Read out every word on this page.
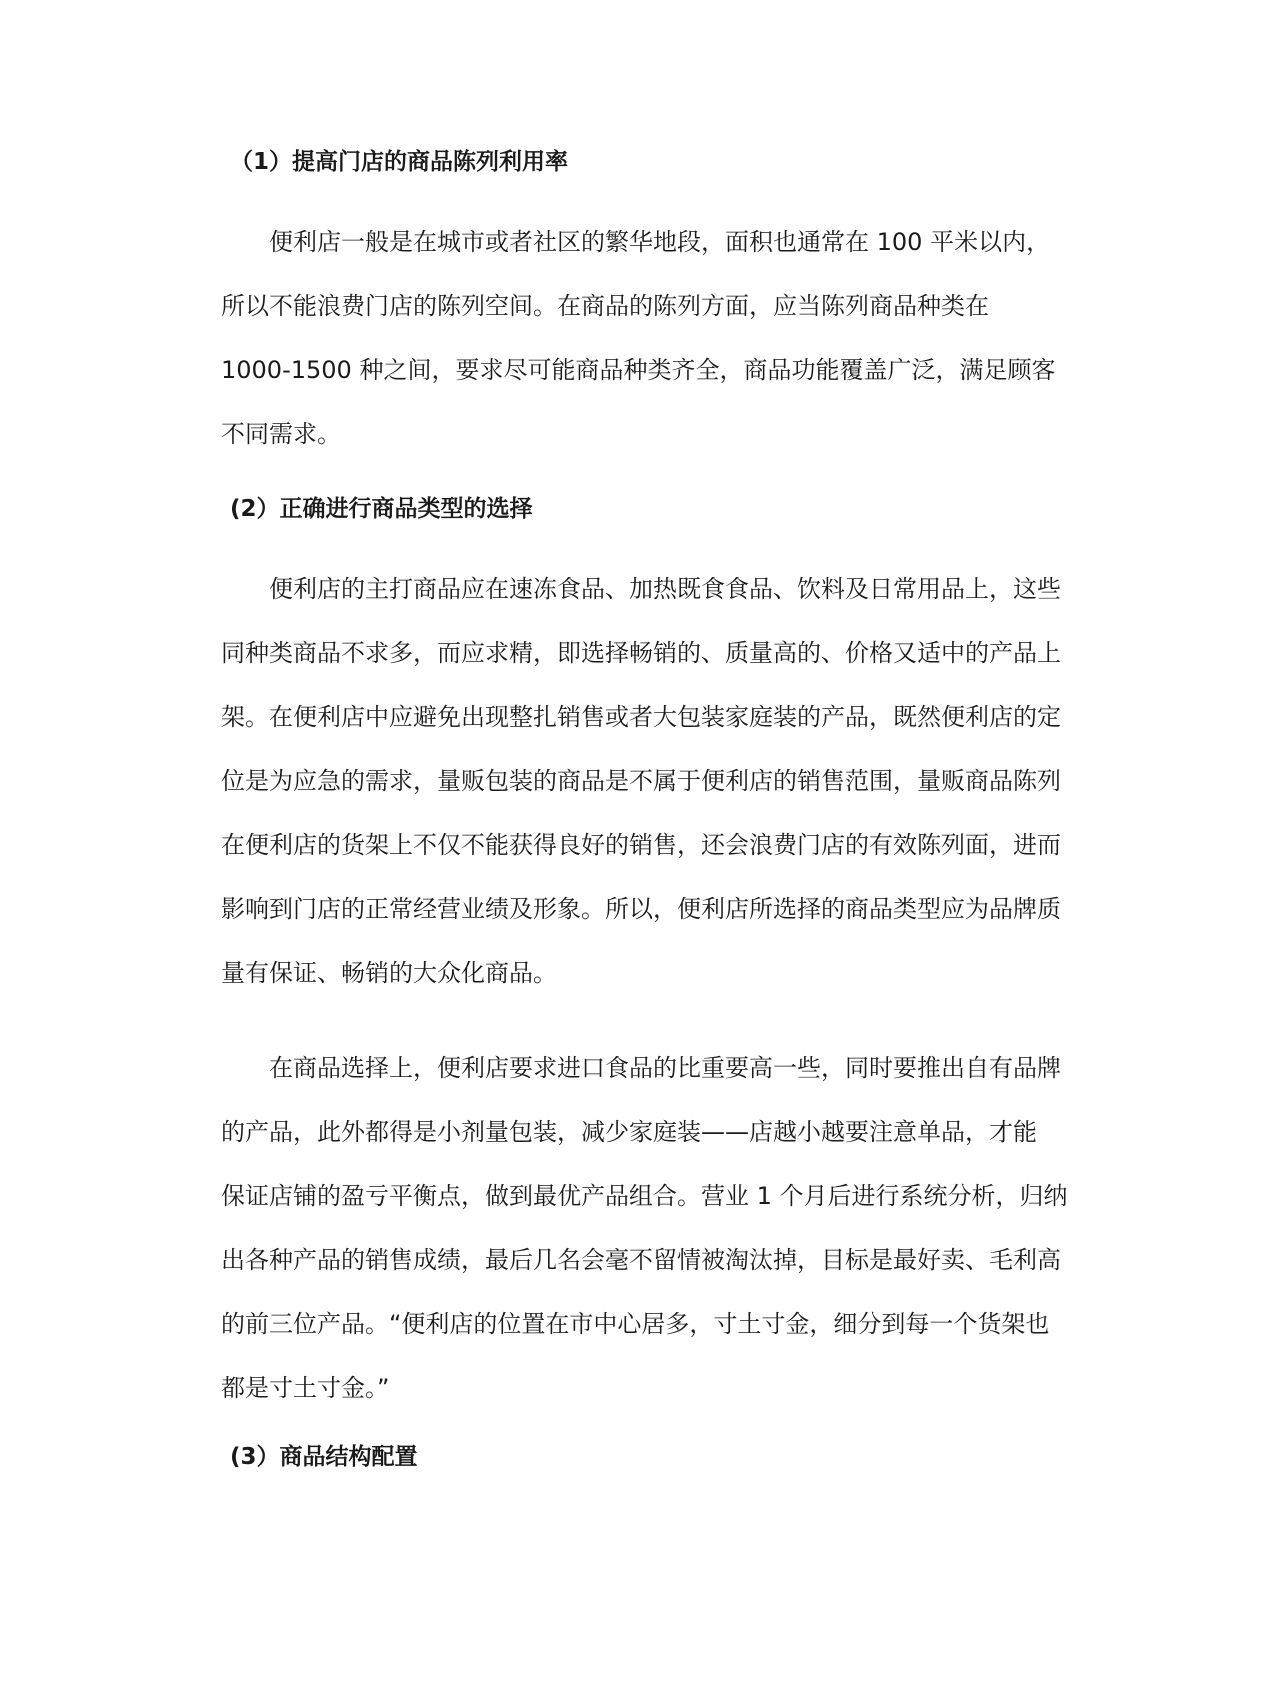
（1）提高门店的商品陈列利用率
便利店一般是在城市或者社区的繁华地段，面积也通常在 100 平米以内，
所以不能浪费门店的陈列空间。在商品的陈列方面，应当陈列商品种类在
1000-1500 种之间，要求尽可能商品种类齐全，商品功能覆盖广泛，满足顾客
不同需求。
(2）正确进行商品类型的选择
便利店的主打商品应在速冻食品、加热既食食品、饮料及日常用品上，这些
同种类商品不求多，而应求精，即选择畅销的、质量高的、价格又适中的产品上
架。在便利店中应避免出现整扎销售或者大包装家庭装的产品，既然便利店的定
位是为应急的需求，量贩包装的商品是不属于便利店的销售范围，量贩商品陈列
在便利店的货架上不仅不能获得良好的销售，还会浪费门店的有效陈列面，进而
影响到门店的正常经营业绩及形象。所以，便利店所选择的商品类型应为品牌质
量有保证、畅销的大众化商品。
在商品选择上，便利店要求进口食品的比重要高一些，同时要推出自有品牌
的产品，此外都得是小剂量包装，减少家庭装——店越小越要注意单品，才能
保证店铺的盈亏平衡点，做到最优产品组合。营业 1 个月后进行系统分析，归纳
出各种产品的销售成绩，最后几名会毫不留情被淘汰掉，目标是最好卖、毛利高
的前三位产品。“便利店的位置在市中心居多，寸土寸金，细分到每一个货架也
都是寸土寸金。”
(3）商品结构配置
